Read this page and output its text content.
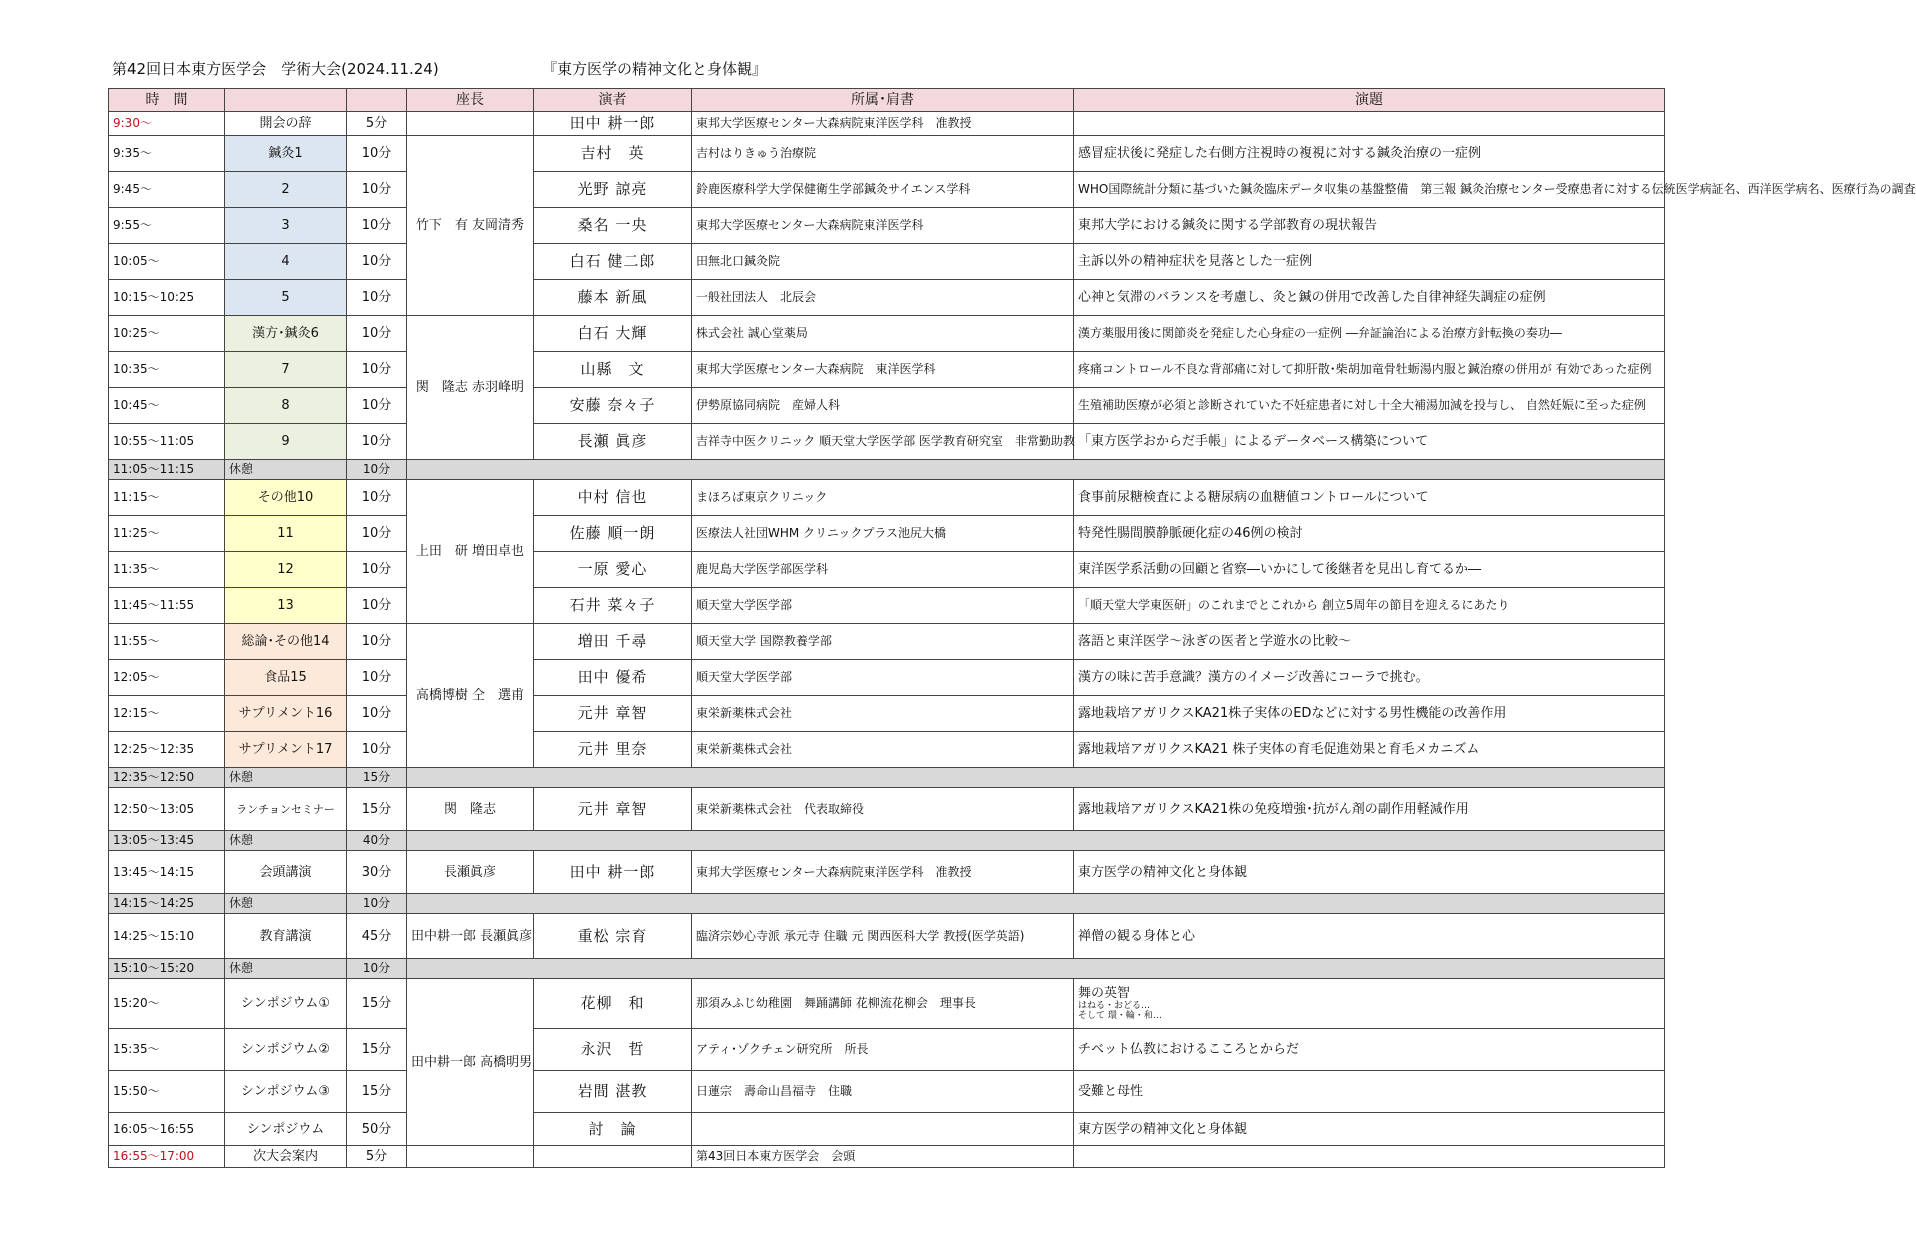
第42回日本東方医学会　学術大会(2024.11.24)	『東方医学の精神文化と身体観』
時　間			座長	演者	所属･肩書	演題
9:30～	開会の辞	5分		田中 耕一郎	東邦大学医療センター大森病院東洋医学科　准教授	
9:35～	鍼灸1	10分	竹下　有 友岡清秀	吉村　英	吉村はりきゅう治療院	感冒症状後に発症した右側方注視時の複視に対する鍼灸治療の一症例
9:45～	2	10分		光野 諒亮	鈴鹿医療科学大学保健衛生学部鍼灸サイエンス学科	WHO国際統計分類に基づいた鍼灸臨床データ収集の基盤整備　第三報 鍼灸治療センター受療患者に対する伝統医学病証名、西洋医学病名、医療行為の調査
9:55～	3	10分		桑名 一央	東邦大学医療センター大森病院東洋医学科	東邦大学における鍼灸に関する学部教育の現状報告
10:05～	4	10分		白石 健二郎	田無北口鍼灸院	主訴以外の精神症状を見落とした一症例
10:15～10:25	5	10分		藤本 新風	一般社団法人　北辰会	心神と気滞のバランスを考慮し、灸と鍼の併用で改善した自律神経失調症の症例
10:25～	漢方･鍼灸6	10分	関　隆志 赤羽峰明	白石 大輝	株式会社 誠心堂薬局	漢方薬服用後に関節炎を発症した心身症の一症例 ―弁証論治による治療方針転換の奏功―
10:35～	7	10分		山縣　文	東邦大学医療センター大森病院　東洋医学科	疼痛コントロール不良な背部痛に対して抑肝散･柴胡加竜骨牡蛎湯内服と鍼治療の併用が 有効であった症例
10:45～	8	10分		安藤 奈々子	伊勢原協同病院　産婦人科	生殖補助医療が必須と診断されていた不妊症患者に対し十全大補湯加減を投与し、 自然妊娠に至った症例
10:55～11:05	9	10分		長瀬 眞彦	吉祥寺中医クリニック 順天堂大学医学部 医学教育研究室　非常勤助教	「東方医学おからだ手帳」によるデータベース構築について
11:05～11:15	休憩	10分				
11:15～	その他10	10分	上田　研 増田卓也	中村 信也	まほろば東京クリニック	食事前尿糖検査による糖尿病の血糖値コントロールについて
11:25～	11	10分		佐藤 順一朗	医療法人社団WHM クリニックプラス池尻大橋	特発性腸間膜静脈硬化症の46例の検討
11:35～	12	10分		一原 愛心	鹿児島大学医学部医学科	東洋医学系活動の回顧と省察―いかにして後継者を見出し育てるか―
11:45～11:55	13	10分		石井 菜々子	順天堂大学医学部	「順天堂大学東医研」のこれまでとこれから 創立5周年の節目を迎えるにあたり
11:55～	総論･その他14	10分	高橋博樹 仝　選甫	増田 千尋	順天堂大学 国際教養学部	落語と東洋医学～泳ぎの医者と学遊水の比較～
12:05～	食品15	10分		田中 優希	順天堂大学医学部	漢方の味に苦手意識？漢方のイメージ改善にコーラで挑む。
12:15～	サプリメント16	10分		元井 章智	東栄新薬株式会社	露地栽培アガリクスKA21株子実体のEDなどに対する男性機能の改善作用
12:25～12:35	サプリメント17	10分		元井 里奈	東栄新薬株式会社	露地栽培アガリクスKA21 株子実体の育毛促進効果と育毛メカニズム
12:35～12:50	休憩	15分				
12:50～13:05	ランチョンセミナー	15分	関　隆志	元井 章智	東栄新薬株式会社　代表取締役	露地栽培アガリクスKA21株の免疫増強･抗がん剤の副作用軽減作用
13:05～13:45	休憩	40分				
13:45～14:15	会頭講演	30分	長瀬眞彦	田中 耕一郎	東邦大学医療センター大森病院東洋医学科　准教授	東方医学の精神文化と身体観
14:15～14:25	休憩	10分				
14:25～15:10	教育講演	45分	田中耕一郎 長瀬眞彦	重松 宗育	臨済宗妙心寺派 承元寺 住職 元 関西医科大学 教授(医学英語)	禅僧の観る身体と心
15:10～15:20	休憩	10分				
15:20～	シンポジウム①	15分	田中耕一郎 高橋明男	花柳　和	那須みふじ幼稚園　舞踊講師 花柳流花柳会　理事長	舞の英智
はねる・おどる…
そして 環・輪・和…

15:35～	シンポジウム②	15分		永沢　哲	アティ･ゾクチェン研究所　所長	チベット仏教におけるこころとからだ
15:50～	シンポジウム③	15分		岩間 湛教	日蓮宗　壽命山昌福寺　住職	受難と母性
16:05～16:55	シンポジウム	50分		討　論		東方医学の精神文化と身体観
16:55～17:00	次大会案内	5分			第43回日本東方医学会　会頭	
